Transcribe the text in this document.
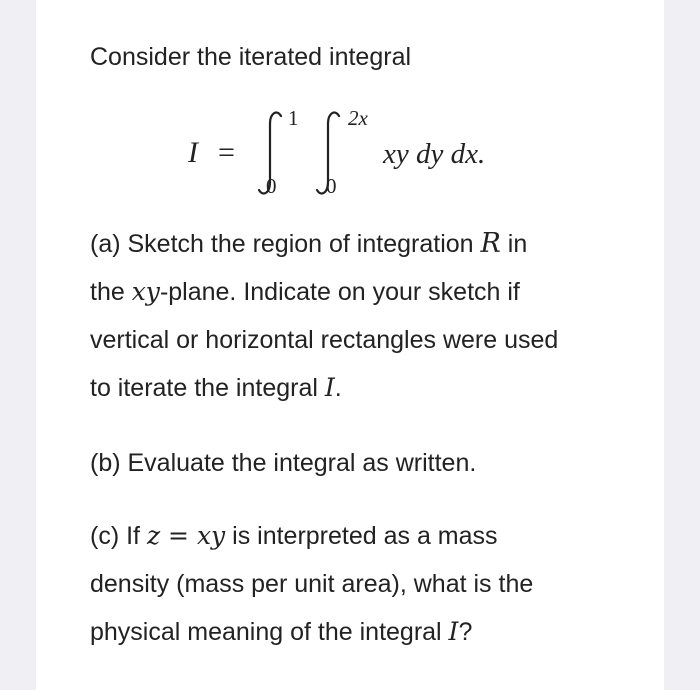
Consider the iterated integral
I =
1
0
2x
0
xy dy dx.
(a) Sketch the region of integration R in
the xy-plane. Indicate on your sketch if
vertical or horizontal rectangles were used
to iterate the integral I.
(b) Evaluate the integral as written.
(c) If z = xy is interpreted as a mass
density (mass per unit area), what is the
physical meaning of the integral I?
